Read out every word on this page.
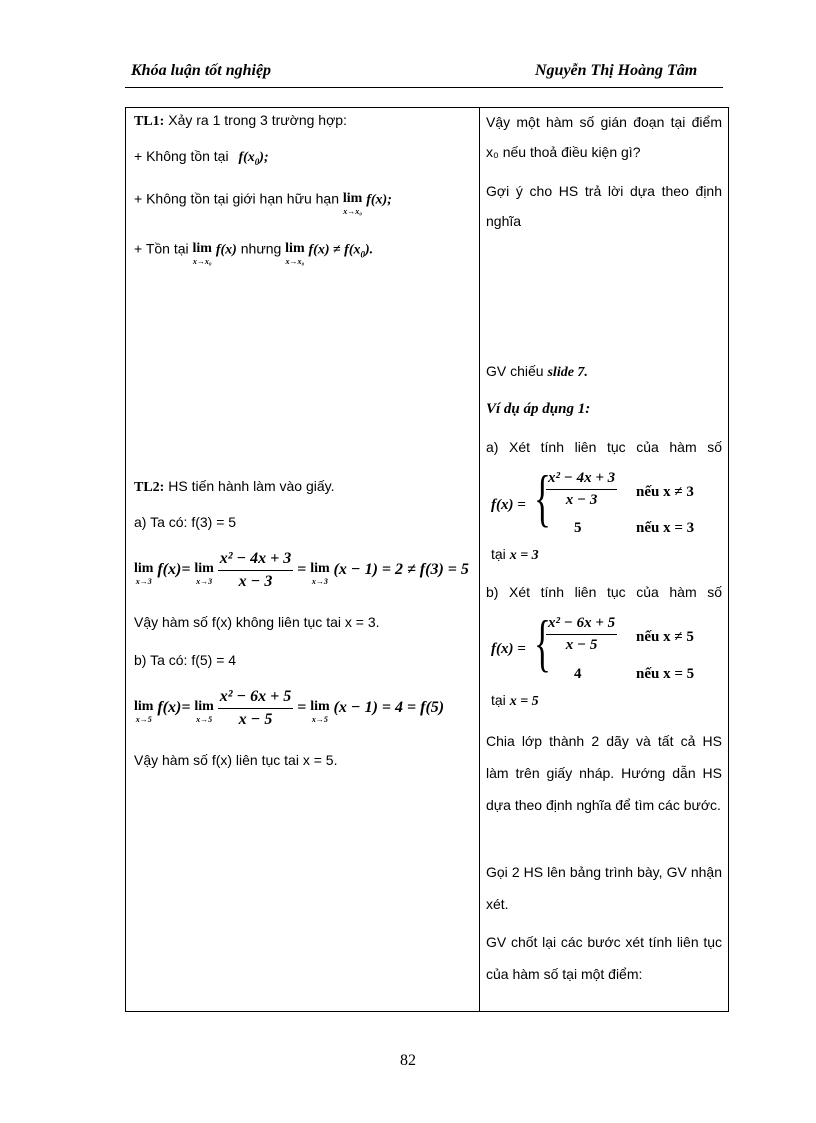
Khóa luận tốt nghiệp	Nguyễn Thị Hoàng Tâm
TL1: Xảy ra 1 trong 3 trường hợp:
+ Không tồn tại $f(x_0)$;
+ Không tồn tại giới hạn hữu hạn lim
x→x₀
f(x);
+ Tồn tại lim
x→x₀
f(x) nhưng lim
x→x₀
$f(x) \ne f(x_0)$.
TL2: HS tiến hành làm vào giấy.
a) Ta có: f(3) = 5
lim
x→3
f(x)= lim
x→3
$\frac{\text{x² − 4x + 3}}{x - 3} = \lim$
x→3
(x − 1) = 2 ≠ f(3) = 5
Vậy hàm số f(x) không liên tục tai x = 3.
b) Ta có: f(5) = 4
lim
x→5
f(x)= lim
x→5
$\frac{\text{x² − 6x + 5}}{x - 5} = \lim$
x→5
(x − 1) = 4 = f(5)
Vậy hàm số f(x) liên tục tai x = 5.
Vậy một hàm số gián đoạn tại điểm x₀ nếu thoả điều kiện gì?
Gợi ý cho HS trả lời dựa theo định nghĩa
GV chiếu slide 7.
Ví dụ áp dụng 1:
a) Xét tính liên tục của hàm số
f(x) = {
$\frac{\text{x² − 4x + 3}}{x - 3}$ nếu x ≠ 3
5	nếu x = 3
tại x = 3
b) Xét tính liên tục của hàm số
f(x) = {
$\frac{\text{x² − 6x + 5}}{x - 5}$ nếu x ≠ 5
4	nếu x = 5
tại x = 5
Chia lớp thành 2 dãy và tất cả HS làm trên giấy nháp. Hướng dẫn HS dựa theo định nghĩa để tìm các bước.
Gọi 2 HS lên bảng trình bày, GV nhận xét.
GV chốt lại các bước xét tính liên tục của hàm số tại một điểm:
82
